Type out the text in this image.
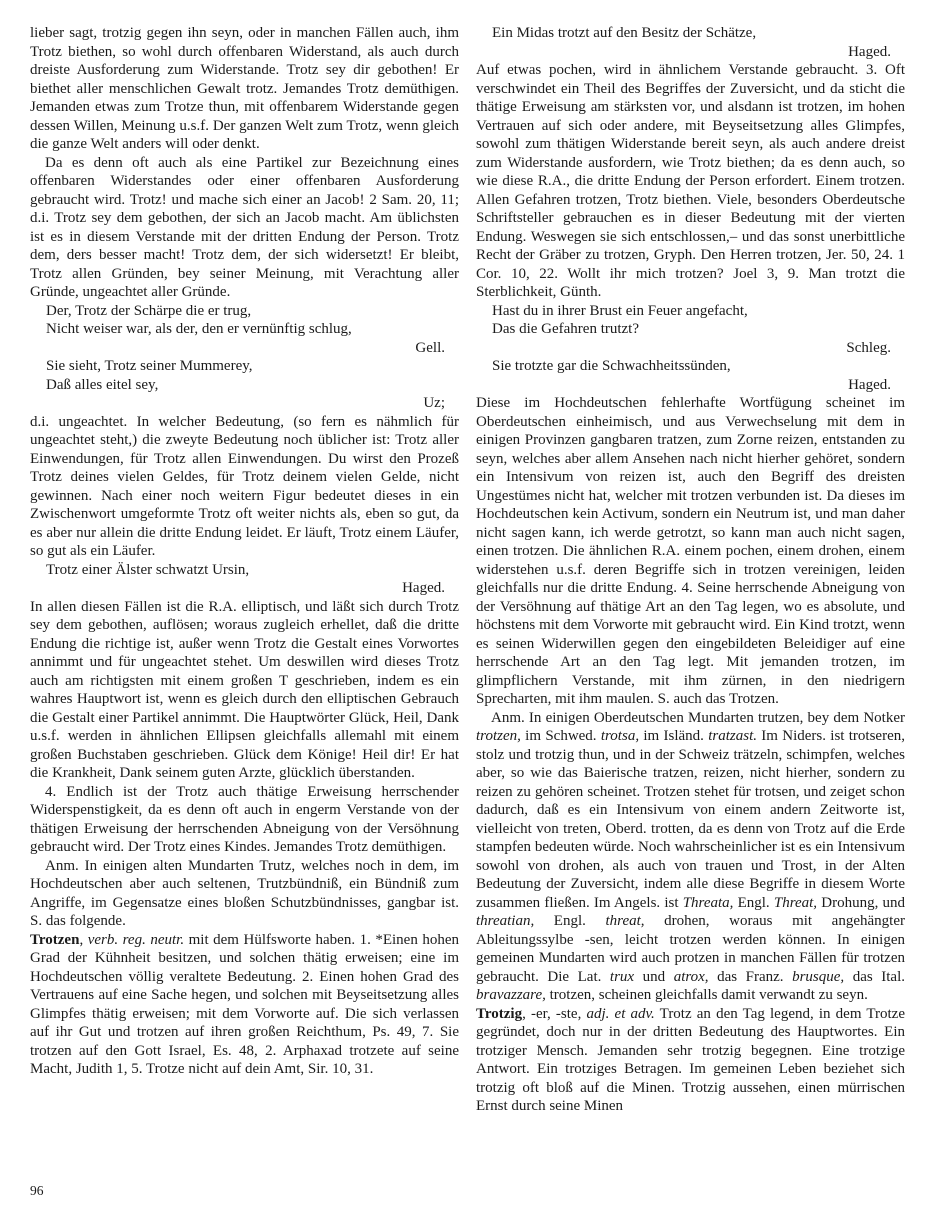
lieber sagt, trotzig gegen ihn seyn, oder in manchen Fällen auch, ihm Trotz biethen, so wohl durch offenbaren Widerstand, als auch durch dreiste Ausforderung zum Widerstande. Trotz sey dir gebothen! Er biethet aller menschlichen Gewalt trotz. Jemandes Trotz demüthigen. Jemanden etwas zum Trotze thun, mit offenbarem Widerstande gegen dessen Willen, Meinung u.s.f. Der ganzen Welt zum Trotz, wenn gleich die ganze Welt anders will oder denkt.

Da es denn oft auch als eine Partikel zur Bezeichnung eines offenbaren Widerstandes oder einer offenbaren Ausforderung gebraucht wird. Trotz! und mache sich einer an Jacob! 2 Sam. 20, 11; d.i. Trotz sey dem gebothen, der sich an Jacob macht. Am üblichsten ist es in diesem Verstande mit der dritten Endung der Person. Trotz dem, ders besser macht! Trotz dem, der sich widersetzt! Er bleibt, Trotz allen Gründen, bey seiner Meinung, mit Verachtung aller Gründe, ungeachtet aller Gründe.

Der, Trotz der Schärpe die er trug,
Nicht weiser war, als der, den er vernünftig schlug,
Gell.
Sie sieht, Trotz seiner Mummerey,
Daß alles eitel sey,
Uz;

d.i. ungeachtet. In welcher Bedeutung, (so fern es nähmlich für ungeachtet steht,) die zweyte Bedeutung noch üblicher ist: Trotz aller Einwendungen, für Trotz allen Einwendungen. Du wirst den Prozeß Trotz deines vielen Geldes, für Trotz deinem vielen Gelde, nicht gewinnen. Nach einer noch weitern Figur bedeutet dieses in ein Zwischenwort umgeformte Trotz oft weiter nichts als, eben so gut, da es aber nur allein die dritte Endung leidet. Er läuft, Trotz einem Läufer, so gut als ein Läufer.

Trotz einer Älster schwatzt Ursin,
Haged.

In allen diesen Fällen ist die R.A. elliptisch, und läßt sich durch Trotz sey dem gebothen, auflösen; woraus zugleich erhellet, daß die dritte Endung die richtige ist, außer wenn Trotz die Gestalt eines Vorwortes annimmt und für ungeachtet stehet. Um deswillen wird dieses Trotz auch am richtigsten mit einem großen T geschrieben, indem es ein wahres Hauptwort ist, wenn es gleich durch den elliptischen Gebrauch die Gestalt einer Partikel annimmt. Die Hauptwörter Glück, Heil, Dank u.s.f. werden in ähnlichen Ellipsen gleichfalls allemahl mit einem großen Buchstaben geschrieben. Glück dem Könige! Heil dir! Er hat die Krankheit, Dank seinem guten Arzte, glücklich überstanden.

4. Endlich ist der Trotz auch thätige Erweisung herrschender Widerspenstigkeit, da es denn oft auch in engerm Verstande von der thätigen Erweisung der herrschenden Abneigung von der Versöhnung gebraucht wird. Der Trotz eines Kindes. Jemandes Trotz demüthigen.

Anm. In einigen alten Mundarten Trutz, welches noch in dem, im Hochdeutschen aber auch seltenen, Trutzbündniß, ein Bündniß zum Angriffe, im Gegensatze eines bloßen Schutzbündnisses, gangbar ist. S. das folgende.

Trotzen, verb. reg. neutr. mit dem Hülfsworte haben. 1. *Einen hohen Grad der Kühnheit besitzen, und solchen thätig erweisen; eine im Hochdeutschen völlig veraltete Bedeutung. 2. Einen hohen Grad des Vertrauens auf eine Sache hegen, und solchen mit Beyseitsetzung alles Glimpfes thätig erweisen; mit dem Vorworte auf. Die sich verlassen auf ihr Gut und trotzen auf ihren großen Reichthum, Ps. 49, 7. Sie trotzen auf den Gott Israel, Es. 48, 2. Arphaxad trotzete auf seine Macht, Judith 1, 5. Trotze nicht auf dein Amt, Sir. 10, 31.

Ein Midas trotzt auf den Besitz der Schätze,
Haged.

Auf etwas pochen, wird in ähnlichem Verstande gebraucht. 3. Oft verschwindet ein Theil des Begriffes der Zuversicht, und da sticht die thätige Erweisung am stärksten vor, und alsdann ist trotzen, im hohen Vertrauen auf sich oder andere, mit Beyseitsetzung alles Glimpfes, sowohl zum thätigen Widerstande bereit seyn, als auch andere dreist zum Widerstande ausfordern, wie Trotz biethen; da es denn auch, so wie diese R.A., die dritte Endung der Person erfordert. Einem trotzen. Allen Gefahren trotzen, Trotz biethen. Viele, besonders Oberdeutsche Schriftsteller gebrauchen es in dieser Bedeutung mit der vierten Endung. Weswegen sie sich entschlossen,– und das sonst unerbittliche Recht der Gräber zu trotzen, Gryph. Den Herren trotzen, Jer. 50, 24. 1 Cor. 10, 22. Wollt ihr mich trotzen? Joel 3, 9. Man trotzt die Sterblichkeit, Günth.

Hast du in ihrer Brust ein Feuer angefacht,
Das die Gefahren trutzt?
Schleg.
Sie trotzte gar die Schwachheitssünden,
Haged.

Diese im Hochdeutschen fehlerhafte Wortfügung scheinet im Oberdeutschen einheimisch, und aus Verwechselung mit dem in einigen Provinzen gangbaren tratzen, zum Zorne reizen, entstanden zu seyn, welches aber allem Ansehen nach nicht hierher gehöret, sondern ein Intensivum von reizen ist, auch den Begriff des dreisten Ungestümes nicht hat, welcher mit trotzen verbunden ist. Da dieses im Hochdeutschen kein Activum, sondern ein Neutrum ist, und man daher nicht sagen kann, ich werde getrotzt, so kann man auch nicht sagen, einen trotzen. Die ähnlichen R.A. einem pochen, einem drohen, einem widerstehen u.s.f. deren Begriffe sich in trotzen vereinigen, leiden gleichfalls nur die dritte Endung. 4. Seine herrschende Abneigung von der Versöhnung auf thätige Art an den Tag legen, wo es absolute, und höchstens mit dem Vorworte mit gebraucht wird. Ein Kind trotzt, wenn es seinen Widerwillen gegen den eingebildeten Beleidiger auf eine herrschende Art an den Tag legt. Mit jemanden trotzen, im glimpflichern Verstande, mit ihm zürnen, in den niedrigern Sprecharten, mit ihm maulen. S. auch das Trotzen.

Anm. In einigen Oberdeutschen Mundarten trutzen, bey dem Notker trotzen, im Schwed. trotsa, im Isländ. tratzast. Im Niders. ist trotseren, stolz und trotzig thun, und in der Schweiz trätzeln, schimpfen, welches aber, so wie das Baierische tratzen, reizen, nicht hierher, sondern zu reizen zu gehören scheinet. Trotzen stehet für trotsen, und zeiget schon dadurch, daß es ein Intensivum von einem andern Zeitworte ist, vielleicht von treten, Oberd. trotten, da es denn von Trotz auf die Erde stampfen bedeuten würde. Noch wahrscheinlicher ist es ein Intensivum sowohl von drohen, als auch von trauen und Trost, in der Alten Bedeutung der Zuversicht, indem alle diese Begriffe in diesem Worte zusammen fließen. Im Angels. ist Threata, Engl. Threat, Drohung, und threatian, Engl. threat, drohen, woraus mit angehängter Ableitungssylbe -sen, leicht trotzen werden können. In einigen gemeinen Mundarten wird auch protzen in manchen Fällen für trotzen gebraucht. Die Lat. trux und atrox, das Franz. brusque, das Ital. bravazzare, trotzen, scheinen gleichfalls damit verwandt zu seyn.

Trotzig, -er, -ste, adj. et adv. Trotz an den Tag legend, in dem Trotze gegründet, doch nur in der dritten Bedeutung des Hauptwortes. Ein trotziger Mensch. Jemanden sehr trotzig begegnen. Eine trotzige Antwort. Ein trotziges Betragen. Im gemeinen Leben beziehet sich trotzig oft bloß auf die Minen. Trotzig aussehen, einen mürrischen Ernst durch seine Minen

96
